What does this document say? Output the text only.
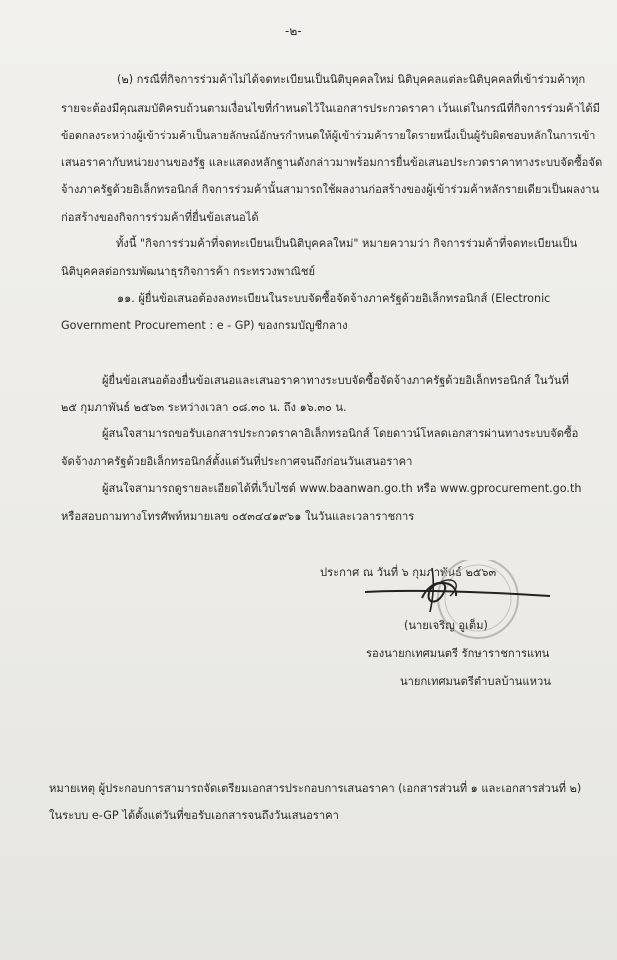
-๒-
(๒) กรณีที่กิจการร่วมค้าไม่ได้จดทะเบียนเป็นนิติบุคคลใหม่ นิติบุคคลแต่ละนิติบุคคลที่เข้าร่วมค้าทุก
รายจะต้องมีคุณสมบัติครบถ้วนตามเงื่อนไขที่กำหนดไว้ในเอกสารประกวดราคา เว้นแต่ในกรณีที่กิจการร่วมค้าได้มี
ข้อตกลงระหว่างผู้เข้าร่วมค้าเป็นลายลักษณ์อักษรกำหนดให้ผู้เข้าร่วมค้ารายใดรายหนึ่งเป็นผู้รับผิดชอบหลักในการเข้า
เสนอราคากับหน่วยงานของรัฐ และแสดงหลักฐานดังกล่าวมาพร้อมการยื่นข้อเสนอประกวดราคาทางระบบจัดซื้อจัด
จ้างภาครัฐด้วยอิเล็กทรอนิกส์ กิจการร่วมค้านั้นสามารถใช้ผลงานก่อสร้างของผู้เข้าร่วมค้าหลักรายเดียวเป็นผลงาน
ก่อสร้างของกิจการร่วมค้าที่ยื่นข้อเสนอได้
ทั้งนี้ "กิจการร่วมค้าที่จดทะเบียนเป็นนิติบุคคลใหม่" หมายความว่า กิจการร่วมค้าที่จดทะเบียนเป็น
นิติบุคคลต่อกรมพัฒนาธุรกิจการค้า กระทรวงพาณิชย์
๑๑. ผู้ยื่นข้อเสนอต้องลงทะเบียนในระบบจัดซื้อจัดจ้างภาครัฐด้วยอิเล็กทรอนิกส์ (Electronic
Government Procurement : e - GP) ของกรมบัญชีกลาง
ผู้ยื่นข้อเสนอต้องยื่นข้อเสนอและเสนอราคาทางระบบจัดซื้อจัดจ้างภาครัฐด้วยอิเล็กทรอนิกส์ ในวันที่
๒๕ กุมภาพันธ์ ๒๕๖๓ ระหว่างเวลา ๐๘.๓๐ น. ถึง ๑๖.๓๐ น.
ผู้สนใจสามารถขอรับเอกสารประกวดราคาอิเล็กทรอนิกส์ โดยดาวน์โหลดเอกสารผ่านทางระบบจัดซื้อ
จัดจ้างภาครัฐด้วยอิเล็กทรอนิกส์ตั้งแต่วันที่ประกาศจนถึงก่อนวันเสนอราคา
ผู้สนใจสามารถดูรายละเอียดได้ที่เว็บไซต์ www.baanwan.go.th หรือ www.gprocurement.go.th
หรือสอบถามทางโทรศัพท์หมายเลข ๐๕๓๔๔๑๙๖๑ ในวันและเวลาราชการ
ประกาศ ณ วันที่ ๖ กุมภาพันธ์ ๒๕๖๓
(นายเจริญ อูเต็ม)
รองนายกเทศมนตรี รักษาราชการแทน
นายกเทศมนตรีตำบลบ้านแหวน
หมายเหตุ ผู้ประกอบการสามารถจัดเตรียมเอกสารประกอบการเสนอราคา (เอกสารส่วนที่ ๑ และเอกสารส่วนที่ ๒)
ในระบบ e-GP ได้ตั้งแต่วันที่ขอรับเอกสารจนถึงวันเสนอราคา
